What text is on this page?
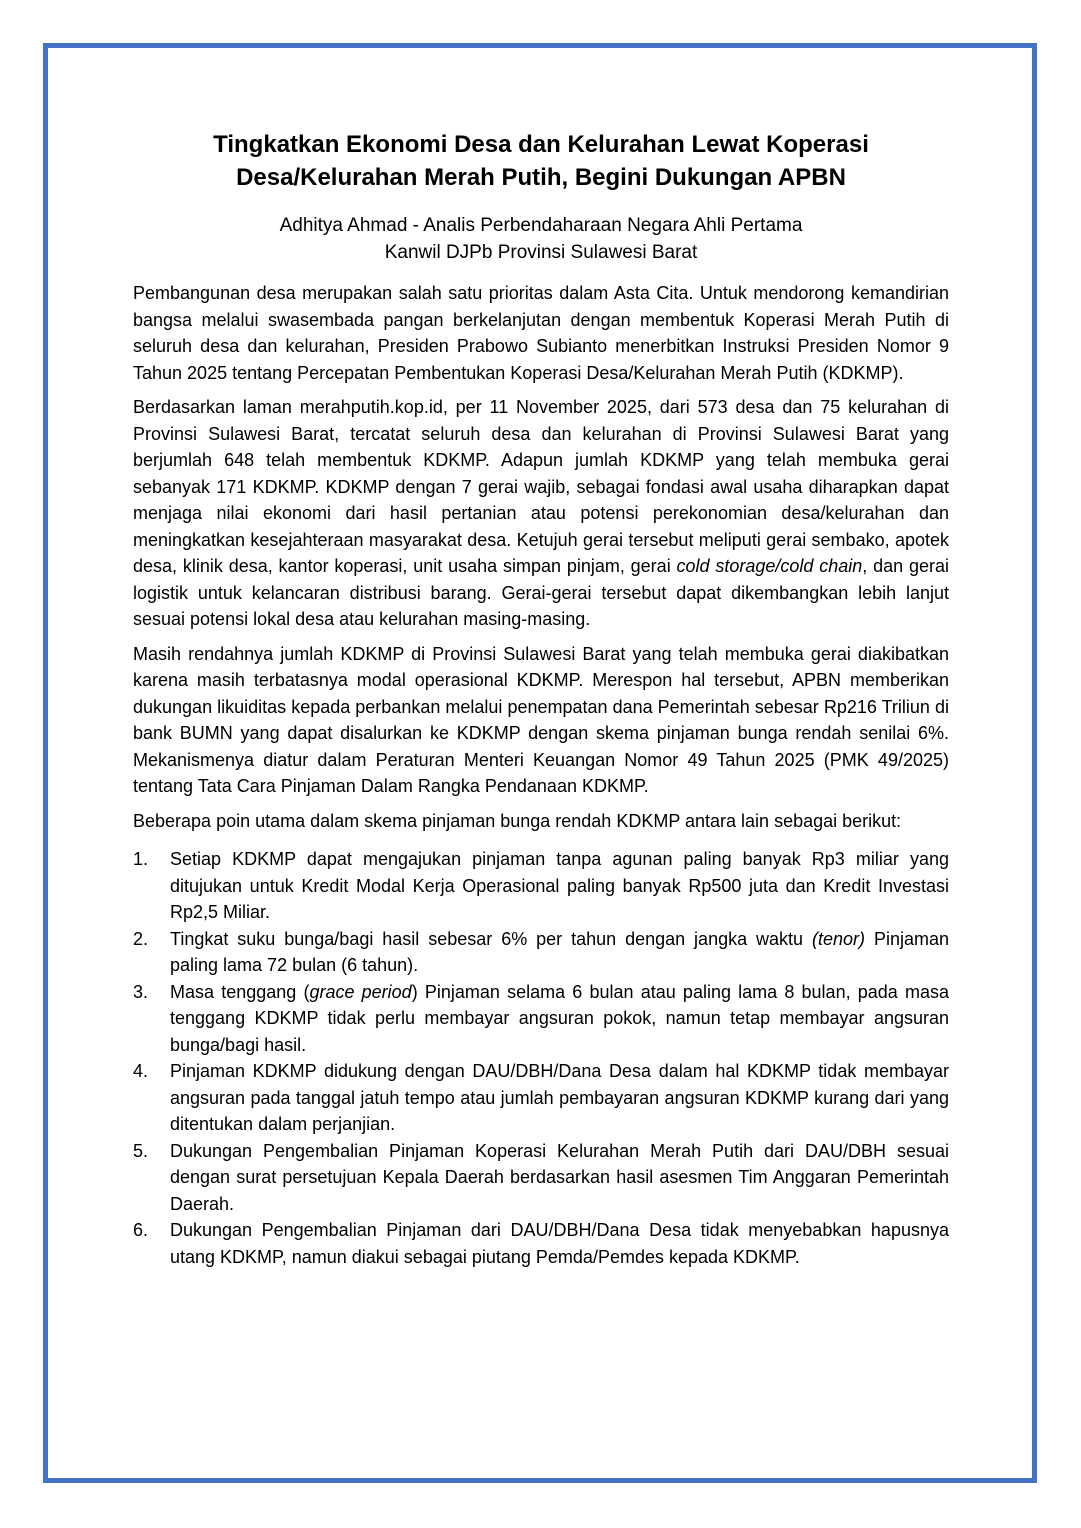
Tingkatkan Ekonomi Desa dan Kelurahan Lewat Koperasi
Desa/Kelurahan Merah Putih, Begini Dukungan APBN

Adhitya Ahmad - Analis Perbendaharaan Negara Ahli Pertama
Kanwil DJPb Provinsi Sulawesi Barat

Pembangunan desa merupakan salah satu prioritas dalam Asta Cita. Untuk mendorong kemandirian bangsa melalui swasembada pangan berkelanjutan dengan membentuk Koperasi Merah Putih di seluruh desa dan kelurahan, Presiden Prabowo Subianto menerbitkan Instruksi Presiden Nomor 9 Tahun 2025 tentang Percepatan Pembentukan Koperasi Desa/Kelurahan Merah Putih (KDKMP).

Berdasarkan laman merahputih.kop.id, per 11 November 2025, dari 573 desa dan 75 kelurahan di Provinsi Sulawesi Barat, tercatat seluruh desa dan kelurahan di Provinsi Sulawesi Barat yang berjumlah 648 telah membentuk KDKMP. Adapun jumlah KDKMP yang telah membuka gerai sebanyak 171 KDKMP. KDKMP dengan 7 gerai wajib, sebagai fondasi awal usaha diharapkan dapat menjaga nilai ekonomi dari hasil pertanian atau potensi perekonomian desa/kelurahan dan meningkatkan kesejahteraan masyarakat desa. Ketujuh gerai tersebut meliputi gerai sembako, apotek desa, klinik desa, kantor koperasi, unit usaha simpan pinjam, gerai cold storage/cold chain, dan gerai logistik untuk kelancaran distribusi barang. Gerai-gerai tersebut dapat dikembangkan lebih lanjut sesuai potensi lokal desa atau kelurahan masing-masing.

Masih rendahnya jumlah KDKMP di Provinsi Sulawesi Barat yang telah membuka gerai diakibatkan karena masih terbatasnya modal operasional KDKMP. Merespon hal tersebut, APBN memberikan dukungan likuiditas kepada perbankan melalui penempatan dana Pemerintah sebesar Rp216 Triliun di bank BUMN yang dapat disalurkan ke KDKMP dengan skema pinjaman bunga rendah senilai 6%. Mekanismenya diatur dalam Peraturan Menteri Keuangan Nomor 49 Tahun 2025 (PMK 49/2025) tentang Tata Cara Pinjaman Dalam Rangka Pendanaan KDKMP.

Beberapa poin utama dalam skema pinjaman bunga rendah KDKMP antara lain sebagai berikut:

1. Setiap KDKMP dapat mengajukan pinjaman tanpa agunan paling banyak Rp3 miliar yang ditujukan untuk Kredit Modal Kerja Operasional paling banyak Rp500 juta dan Kredit Investasi Rp2,5 Miliar.
2. Tingkat suku bunga/bagi hasil sebesar 6% per tahun dengan jangka waktu (tenor) Pinjaman paling lama 72 bulan (6 tahun).
3. Masa tenggang (grace period) Pinjaman selama 6 bulan atau paling lama 8 bulan, pada masa tenggang KDKMP tidak perlu membayar angsuran pokok, namun tetap membayar angsuran bunga/bagi hasil.
4. Pinjaman KDKMP didukung dengan DAU/DBH/Dana Desa dalam hal KDKMP tidak membayar angsuran pada tanggal jatuh tempo atau jumlah pembayaran angsuran KDKMP kurang dari yang ditentukan dalam perjanjian.
5. Dukungan Pengembalian Pinjaman Koperasi Kelurahan Merah Putih dari DAU/DBH sesuai dengan surat persetujuan Kepala Daerah berdasarkan hasil asesmen Tim Anggaran Pemerintah Daerah.
6. Dukungan Pengembalian Pinjaman dari DAU/DBH/Dana Desa tidak menyebabkan hapusnya utang KDKMP, namun diakui sebagai piutang Pemda/Pemdes kepada KDKMP.
